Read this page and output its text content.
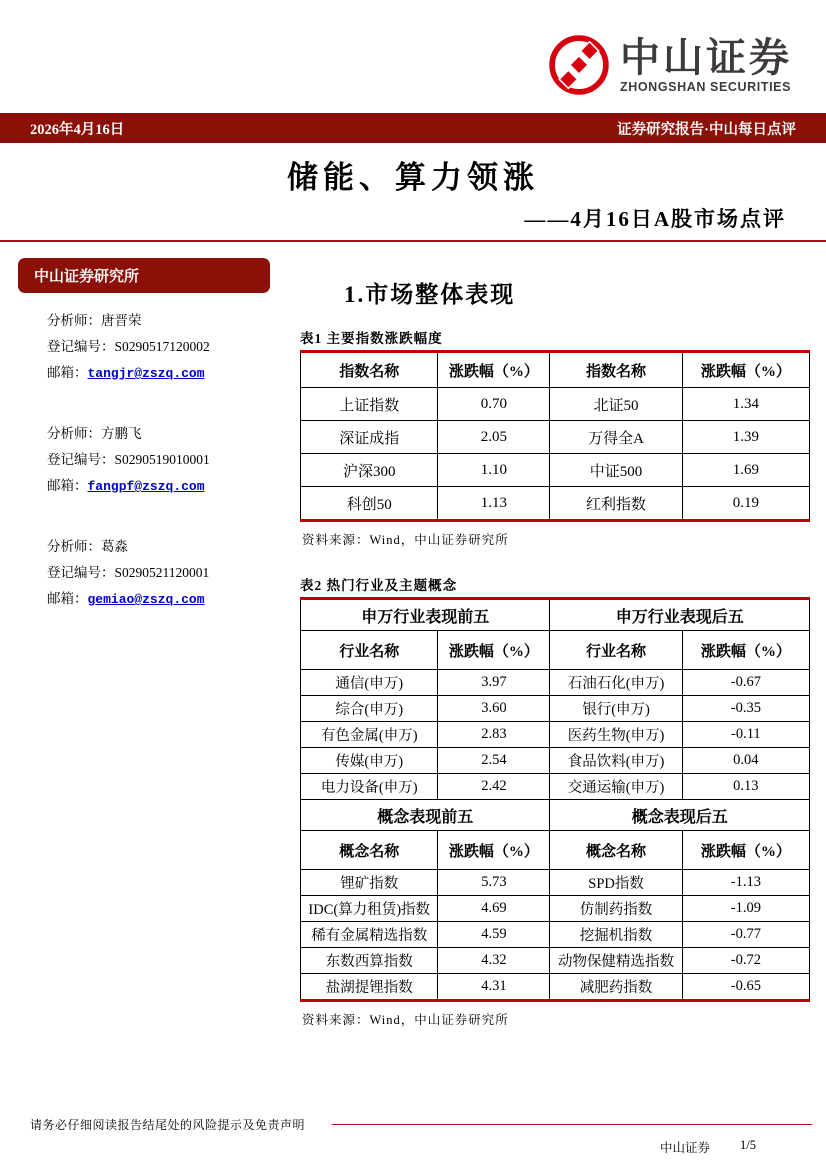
中山证券
ZHONGSHAN SECURITIES
2026年4月16日	证券研究报告·中山每日点评
储能、算力领涨
——4月16日A股市场点评
中山证券研究所
分析师：唐晋荣
登记编号：S0290517120002
邮箱：tangjr@zszq.com
分析师：方鹏飞
登记编号：S0290519010001
邮箱：fangpf@zszq.com
分析师：葛淼
登记编号：S0290521120001
邮箱：gemiao@zszq.com
1.市场整体表现
表1 主要指数涨跌幅度
指数名称	涨跌幅（%）	指数名称	涨跌幅（%）
上证指数	0.70	北证50	1.34
深证成指	2.05	万得全A	1.39
沪深300	1.10	中证500	1.69
科创50	1.13	红利指数	0.19
资料来源：Wind，中山证券研究所
表2 热门行业及主题概念
申万行业表现前五		申万行业表现后五	
行业名称	涨跌幅（%）	行业名称	涨跌幅（%）
通信(申万)	3.97	石油石化(申万)	-0.67
综合(申万)	3.60	银行(申万)	-0.35
有色金属(申万)	2.83	医药生物(申万)	-0.11
传媒(申万)	2.54	食品饮料(申万)	0.04
电力设备(申万)	2.42	交通运输(申万)	0.13
概念表现前五		概念表现后五	
概念名称	涨跌幅（%）	概念名称	涨跌幅（%）
锂矿指数	5.73	SPD指数	-1.13
IDC(算力租赁)指数	4.69	仿制药指数	-1.09
稀有金属精选指数	4.59	挖掘机指数	-0.77
东数西算指数	4.32	动物保健精选指数	-0.72
盐湖提锂指数	4.31	减肥药指数	-0.65
资料来源：Wind，中山证券研究所
请务必仔细阅读报告结尾处的风险提示及免责声明
中山证券 1/5
